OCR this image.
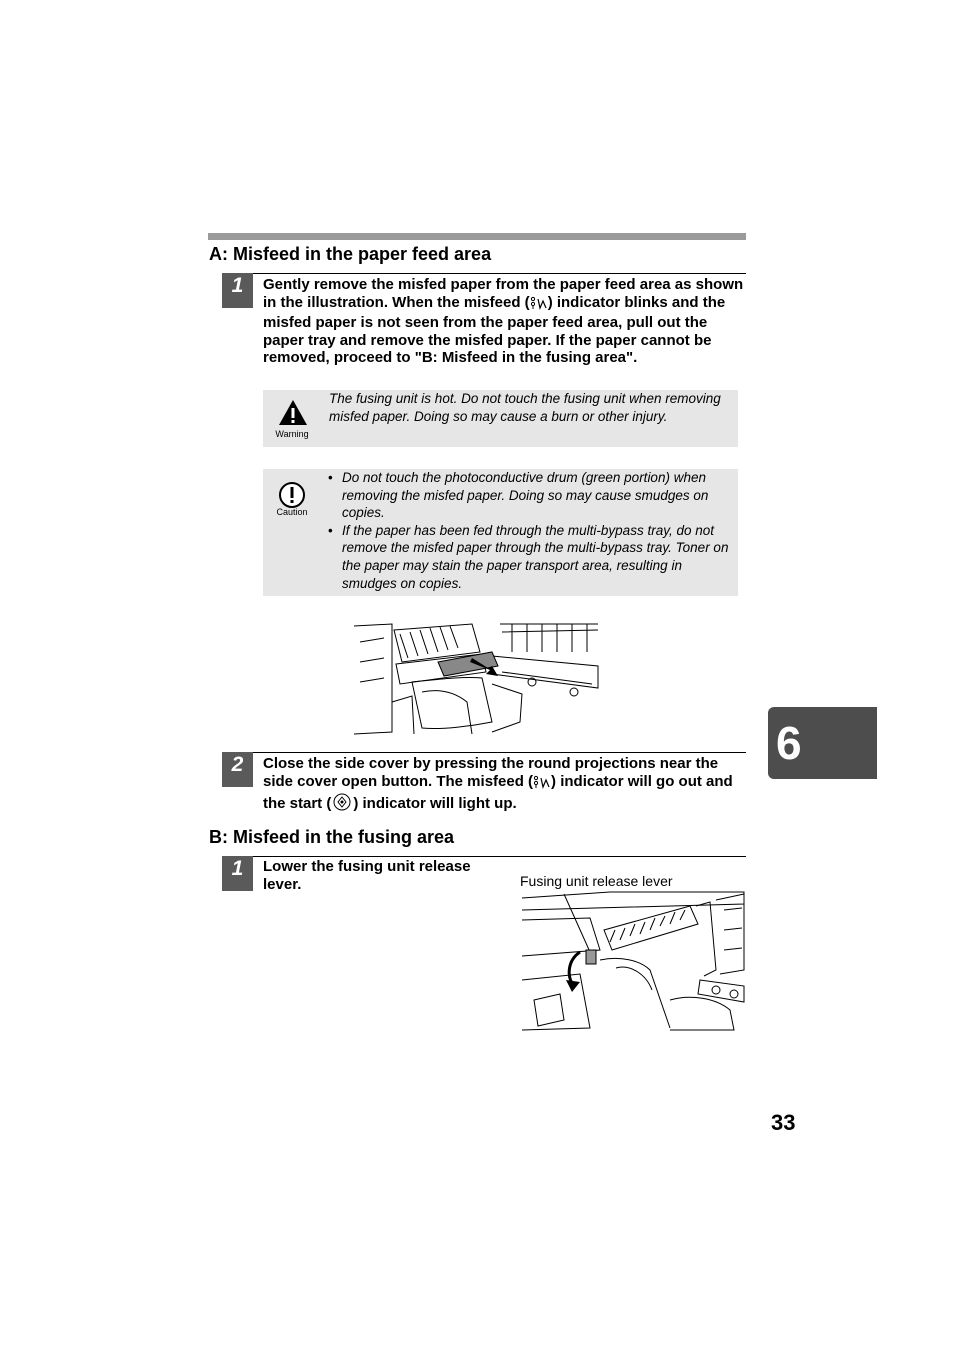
A: Misfeed in the paper feed area
1 Gently remove the misfed paper from the paper feed area as shown in the illustration. When the misfeed ( ) indicator blinks and the misfed paper is not seen from the paper feed area, pull out the paper tray and remove the misfed paper. If the paper cannot be removed, proceed to "B: Misfeed in the fusing area".
Warning
The fusing unit is hot. Do not touch the fusing unit when removing misfed paper. Doing so may cause a burn or other injury.
Caution
• Do not touch the photoconductive drum (green portion) when removing the misfed paper. Doing so may cause smudges on copies.
• If the paper has been fed through the multi-bypass tray, do not remove the misfed paper through the multi-bypass tray. Toner on the paper may stain the paper transport area, resulting in smudges on copies.
2 Close the side cover by pressing the round projections near the side cover open button. The misfeed ( ) indicator will go out and the start ( ) indicator will light up.
B: Misfeed in the fusing area
1 Lower the fusing unit release lever.	Fusing unit release lever
6
33
